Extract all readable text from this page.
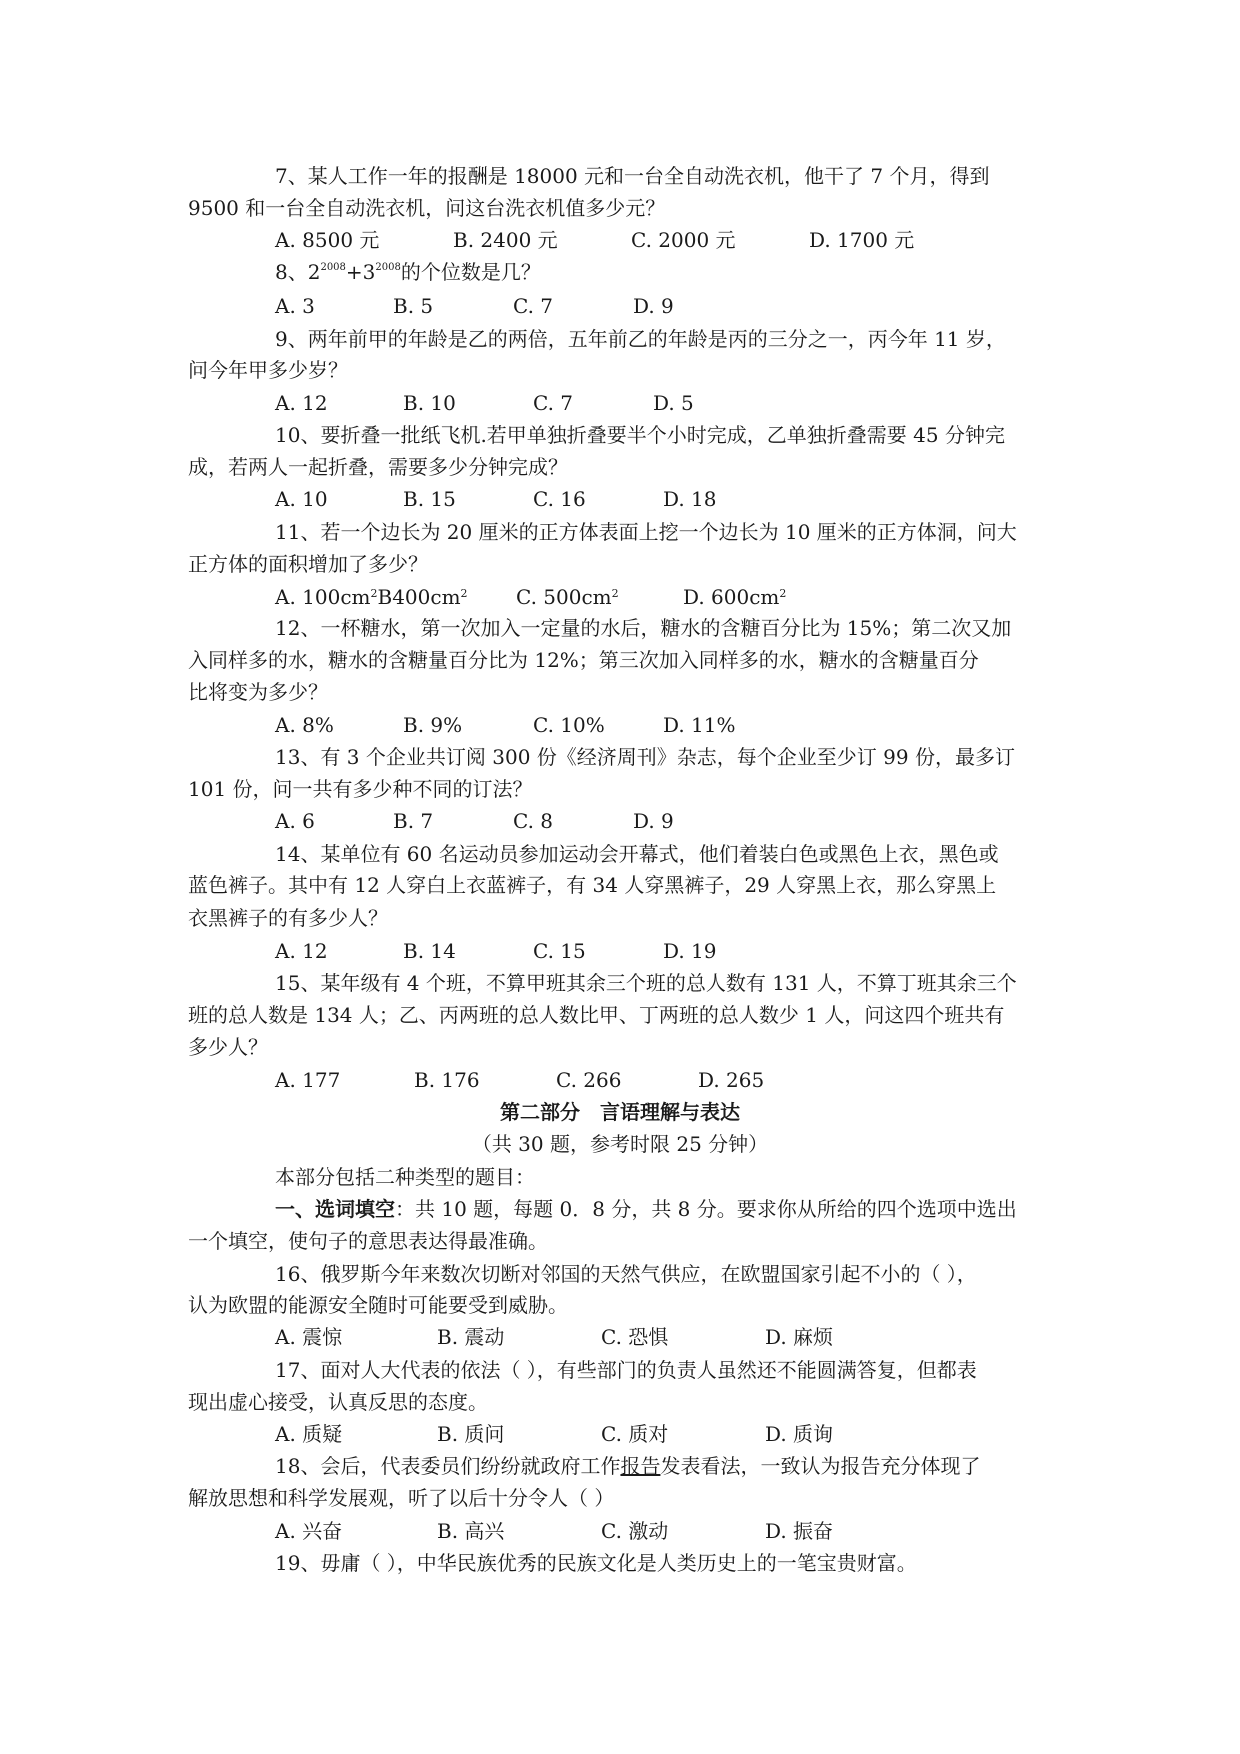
7、某人工作一年的报酬是 18000 元和一台全自动洗衣机，他干了 7 个月，得到
9500 和一台全自动洗衣机，问这台洗衣机值多少元？
A. 8500 元	B. 2400 元	C. 2000 元	D. 1700 元
8、$2^{2008}+3^{2008}$的个位数是几？
A. 3	B. 5	C. 7	D. 9
9、两年前甲的年龄是乙的两倍，五年前乙的年龄是丙的三分之一，丙今年 11 岁，
问今年甲多少岁？
A. 12	B. 10	C. 7	D. 5
10、要折叠一批纸飞机.若甲单独折叠要半个小时完成，乙单独折叠需要 45 分钟完
成，若两人一起折叠，需要多少分钟完成？
A. 10	B. 15	C. 16	D. 18
11、若一个边长为 20 厘米的正方体表面上挖一个边长为 10 厘米的正方体洞，问大
正方体的面积增加了多少？
A. $100cm^2B400cm^2$ C. $500cm^2$	D. $600cm^2$
12、一杯糖水，第一次加入一定量的水后，糖水的含糖百分比为 15%；第二次又加
入同样多的水，糖水的含糖量百分比为 12%；第三次加入同样多的水，糖水的含糖量百分
比将变为多少？
A. 8%	B. 9%	C. 10%	D. 11%
13、有 3 个企业共订阅 300 份《经济周刊》杂志，每个企业至少订 99 份，最多订
101 份，问一共有多少种不同的订法？
A. 6	B. 7	C. 8	D. 9
14、某单位有 60 名运动员参加运动会开幕式，他们着装白色或黑色上衣，黑色或
蓝色裤子。其中有 12 人穿白上衣蓝裤子，有 34 人穿黑裤子，29 人穿黑上衣，那么穿黑上
衣黑裤子的有多少人？
A. 12	B. 14	C. 15	D. 19
15、某年级有 4 个班，不算甲班其余三个班的总人数有 131 人，不算丁班其余三个
班的总人数是 134 人；乙、丙两班的总人数比甲、丁两班的总人数少 1 人，问这四个班共有
多少人？
A. 177	B. 176	C. 266	D. 265
第二部分　言语理解与表达
（共 30 题，参考时限 25 分钟）
本部分包括二种类型的题目：
一、选词填空：共 10 题，每题 0．8 分，共 8 分。要求你从所给的四个选项中选出
一个填空，使句子的意思表达得最准确。
16、俄罗斯今年来数次切断对邻国的天然气供应，在欧盟国家引起不小的（ ），
认为欧盟的能源安全随时可能要受到威胁。
A. 震惊	B. 震动	C. 恐惧	D. 麻烦
17、面对人大代表的依法（ ），有些部门的负责人虽然还不能圆满答复，但都表
现出虚心接受，认真反思的态度。
A. 质疑	B. 质问	C. 质对	D. 质询
18、会后，代表委员们纷纷就政府工作报告发表看法，一致认为报告充分体现了
解放思想和科学发展观，听了以后十分令人（ ）
A. 兴奋	B. 高兴	C. 激动	D. 振奋
19、毋庸（ ），中华民族优秀的民族文化是人类历史上的一笔宝贵财富。
